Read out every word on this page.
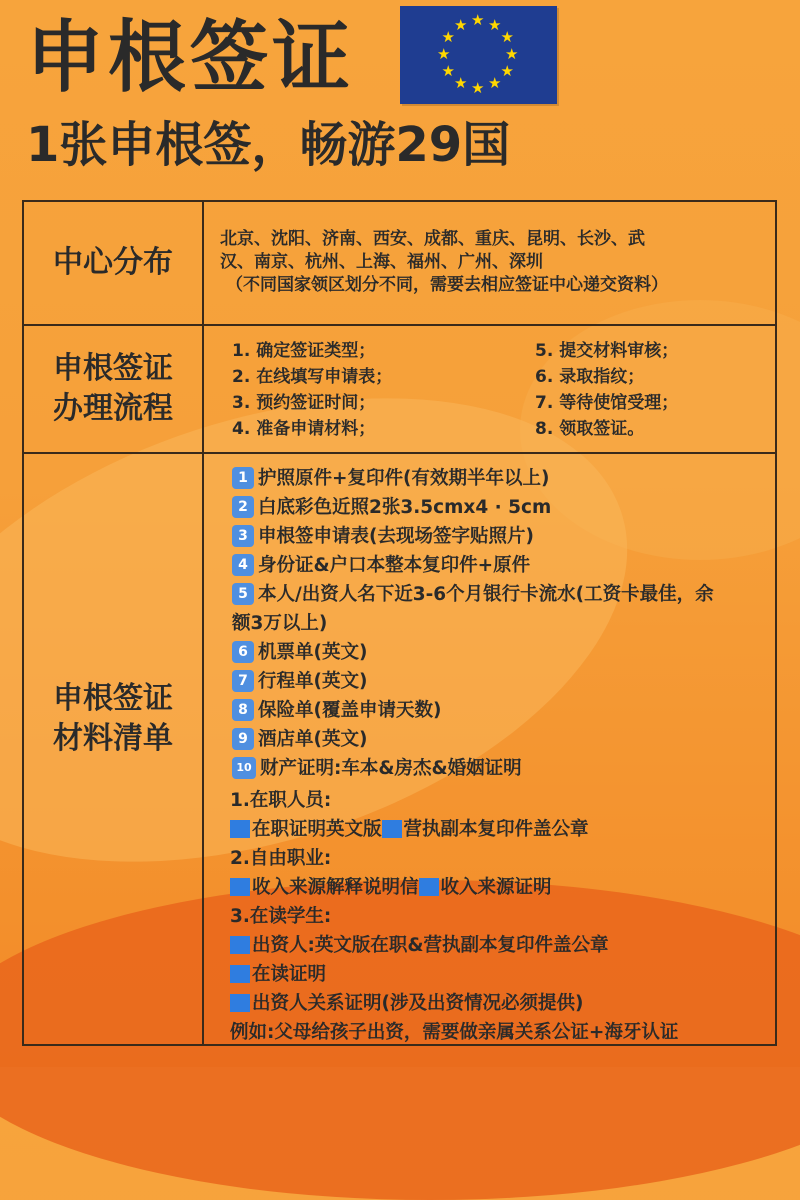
申根签证	★ ★
★
★
★
★
★
★
★
★
★
★
1张申根签，畅游29国
中心分布
北京、沈阳、济南、西安、成都、重庆、昆明、长沙、武
汉、南京、杭州、上海、福州、广州、深圳
（不同国家领区划分不同，需要去相应签证中心递交资料）
申根签证
办理流程
1. 确定签证类型；
2. 在线填写申请表；
3. 预约签证时间；
4. 准备申请材料；
5. 提交材料审核；
6. 录取指纹；
7. 等待使馆受理；
8. 领取签证。
申根签证
材料清单
1 护照原件+复印件(有效期半年以上)
2 白底彩色近照2张3.5cmx4 · 5cm
3 申根签申请表(去现场签字贴照片)
4 身份证&户口本整本复印件+原件
5 本人/出资人名下近3-6个月银行卡流水(工资卡最佳，余
额3万以上)
6 机票单(英文)
7 行程单(英文)
8 保险单(覆盖申请天数)
9 酒店单(英文)
10 财产证明:车本&房杰&婚姻证明
1.在职人员:
在职证明英文版 营执副本复印件盖公章
2.自由职业:
收入来源解释说明信 收入来源证明
3.在读学生:
出资人:英文版在职&营执副本复印件盖公章
在读证明
出资人关系证明(涉及出资情况必须提供)
例如:父母给孩子出资，需要做亲属关系公证+海牙认证
